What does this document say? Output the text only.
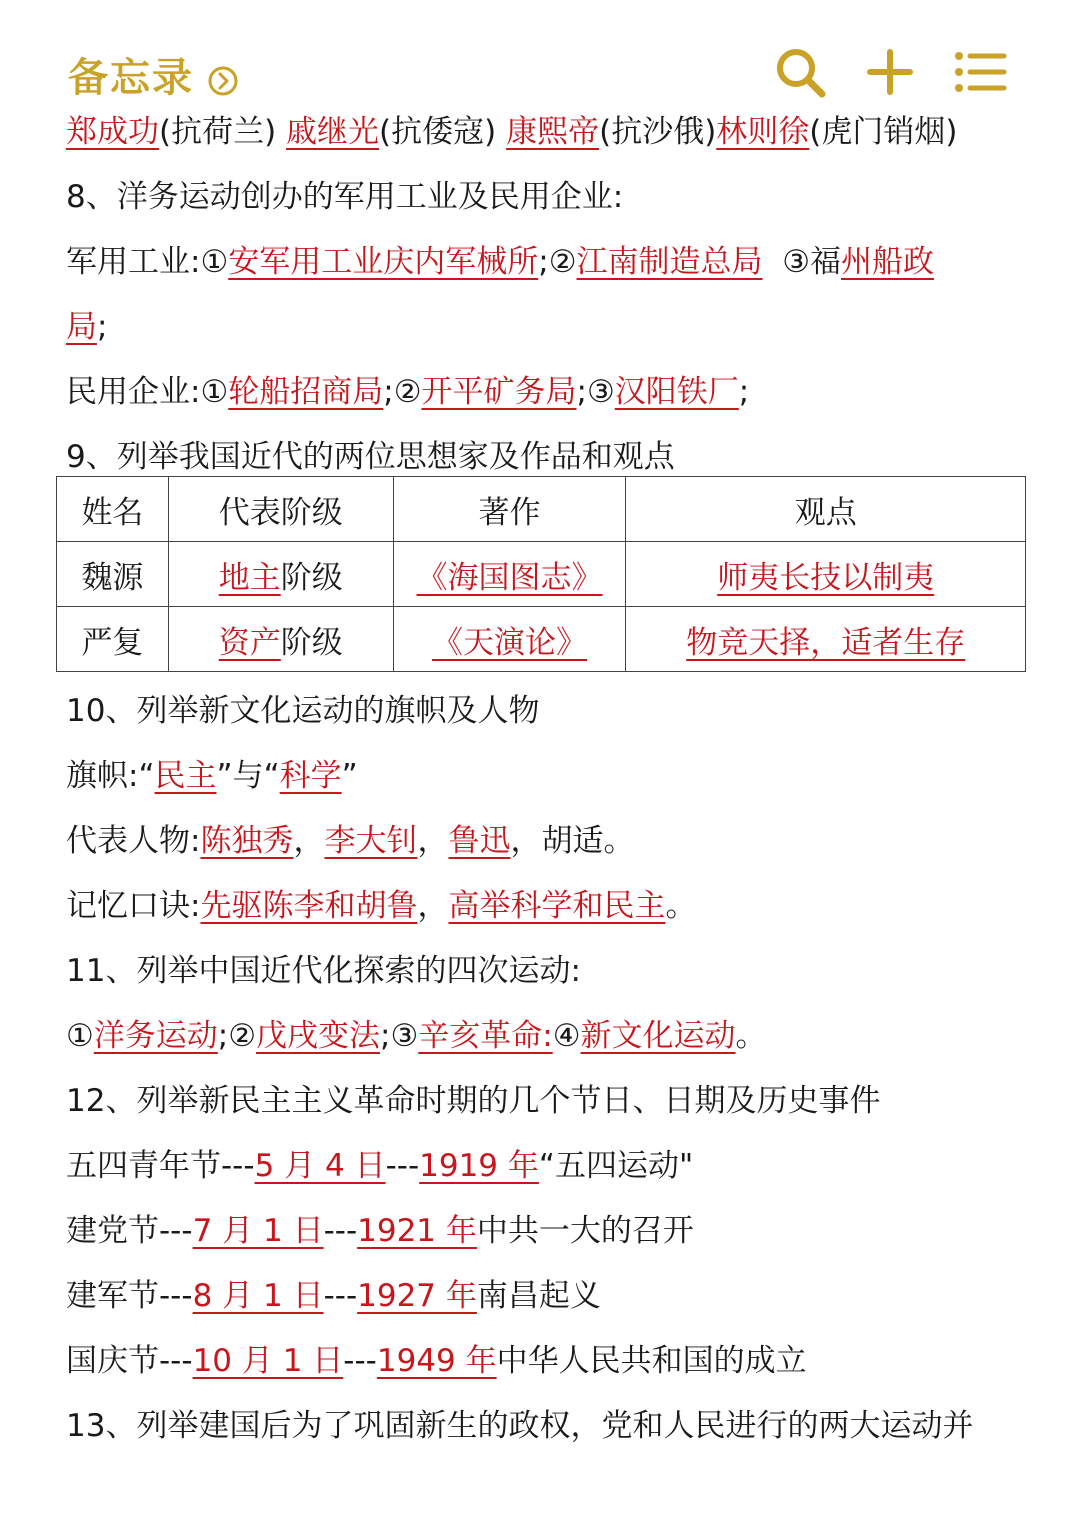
备忘录
郑成功(抗荷兰) 戚继光(抗倭寇) 康熙帝(抗沙俄)林则徐(虎门销烟)
8、洋务运动创办的军用工业及民用企业:
军用工业:①安军用工业庆内军械所;②江南制造总局  ③福州船政
局;
民用企业:①轮船招商局;②开平矿务局;③汉阳铁厂;
9、列举我国近代的两位思想家及作品和观点
姓名	代表阶级	著作	观点
魏源	地主阶级	《海国图志》	师夷长技以制夷
严复	资产阶级	《天演论》	物竞天择，适者生存
10、列举新文化运动的旗帜及人物
旗帜:“民主”与“科学”
代表人物:陈独秀，李大钊，鲁迅，胡适。
记忆口诀:先驱陈李和胡鲁，高举科学和民主。
11、列举中国近代化探索的四次运动:
①洋务运动;②戊戌变法;③辛亥革命:④新文化运动。
12、列举新民主主义革命时期的几个节日、日期及历史事件
五四青年节---5 月 4 日---1919 年“五四运动"
建党节---7 月 1 日---1921 年中共一大的召开
建军节---8 月 1 日---1927 年南昌起义
国庆节---10 月 1 日---1949 年中华人民共和国的成立
13、列举建国后为了巩固新生的政权，党和人民进行的两大运动并
